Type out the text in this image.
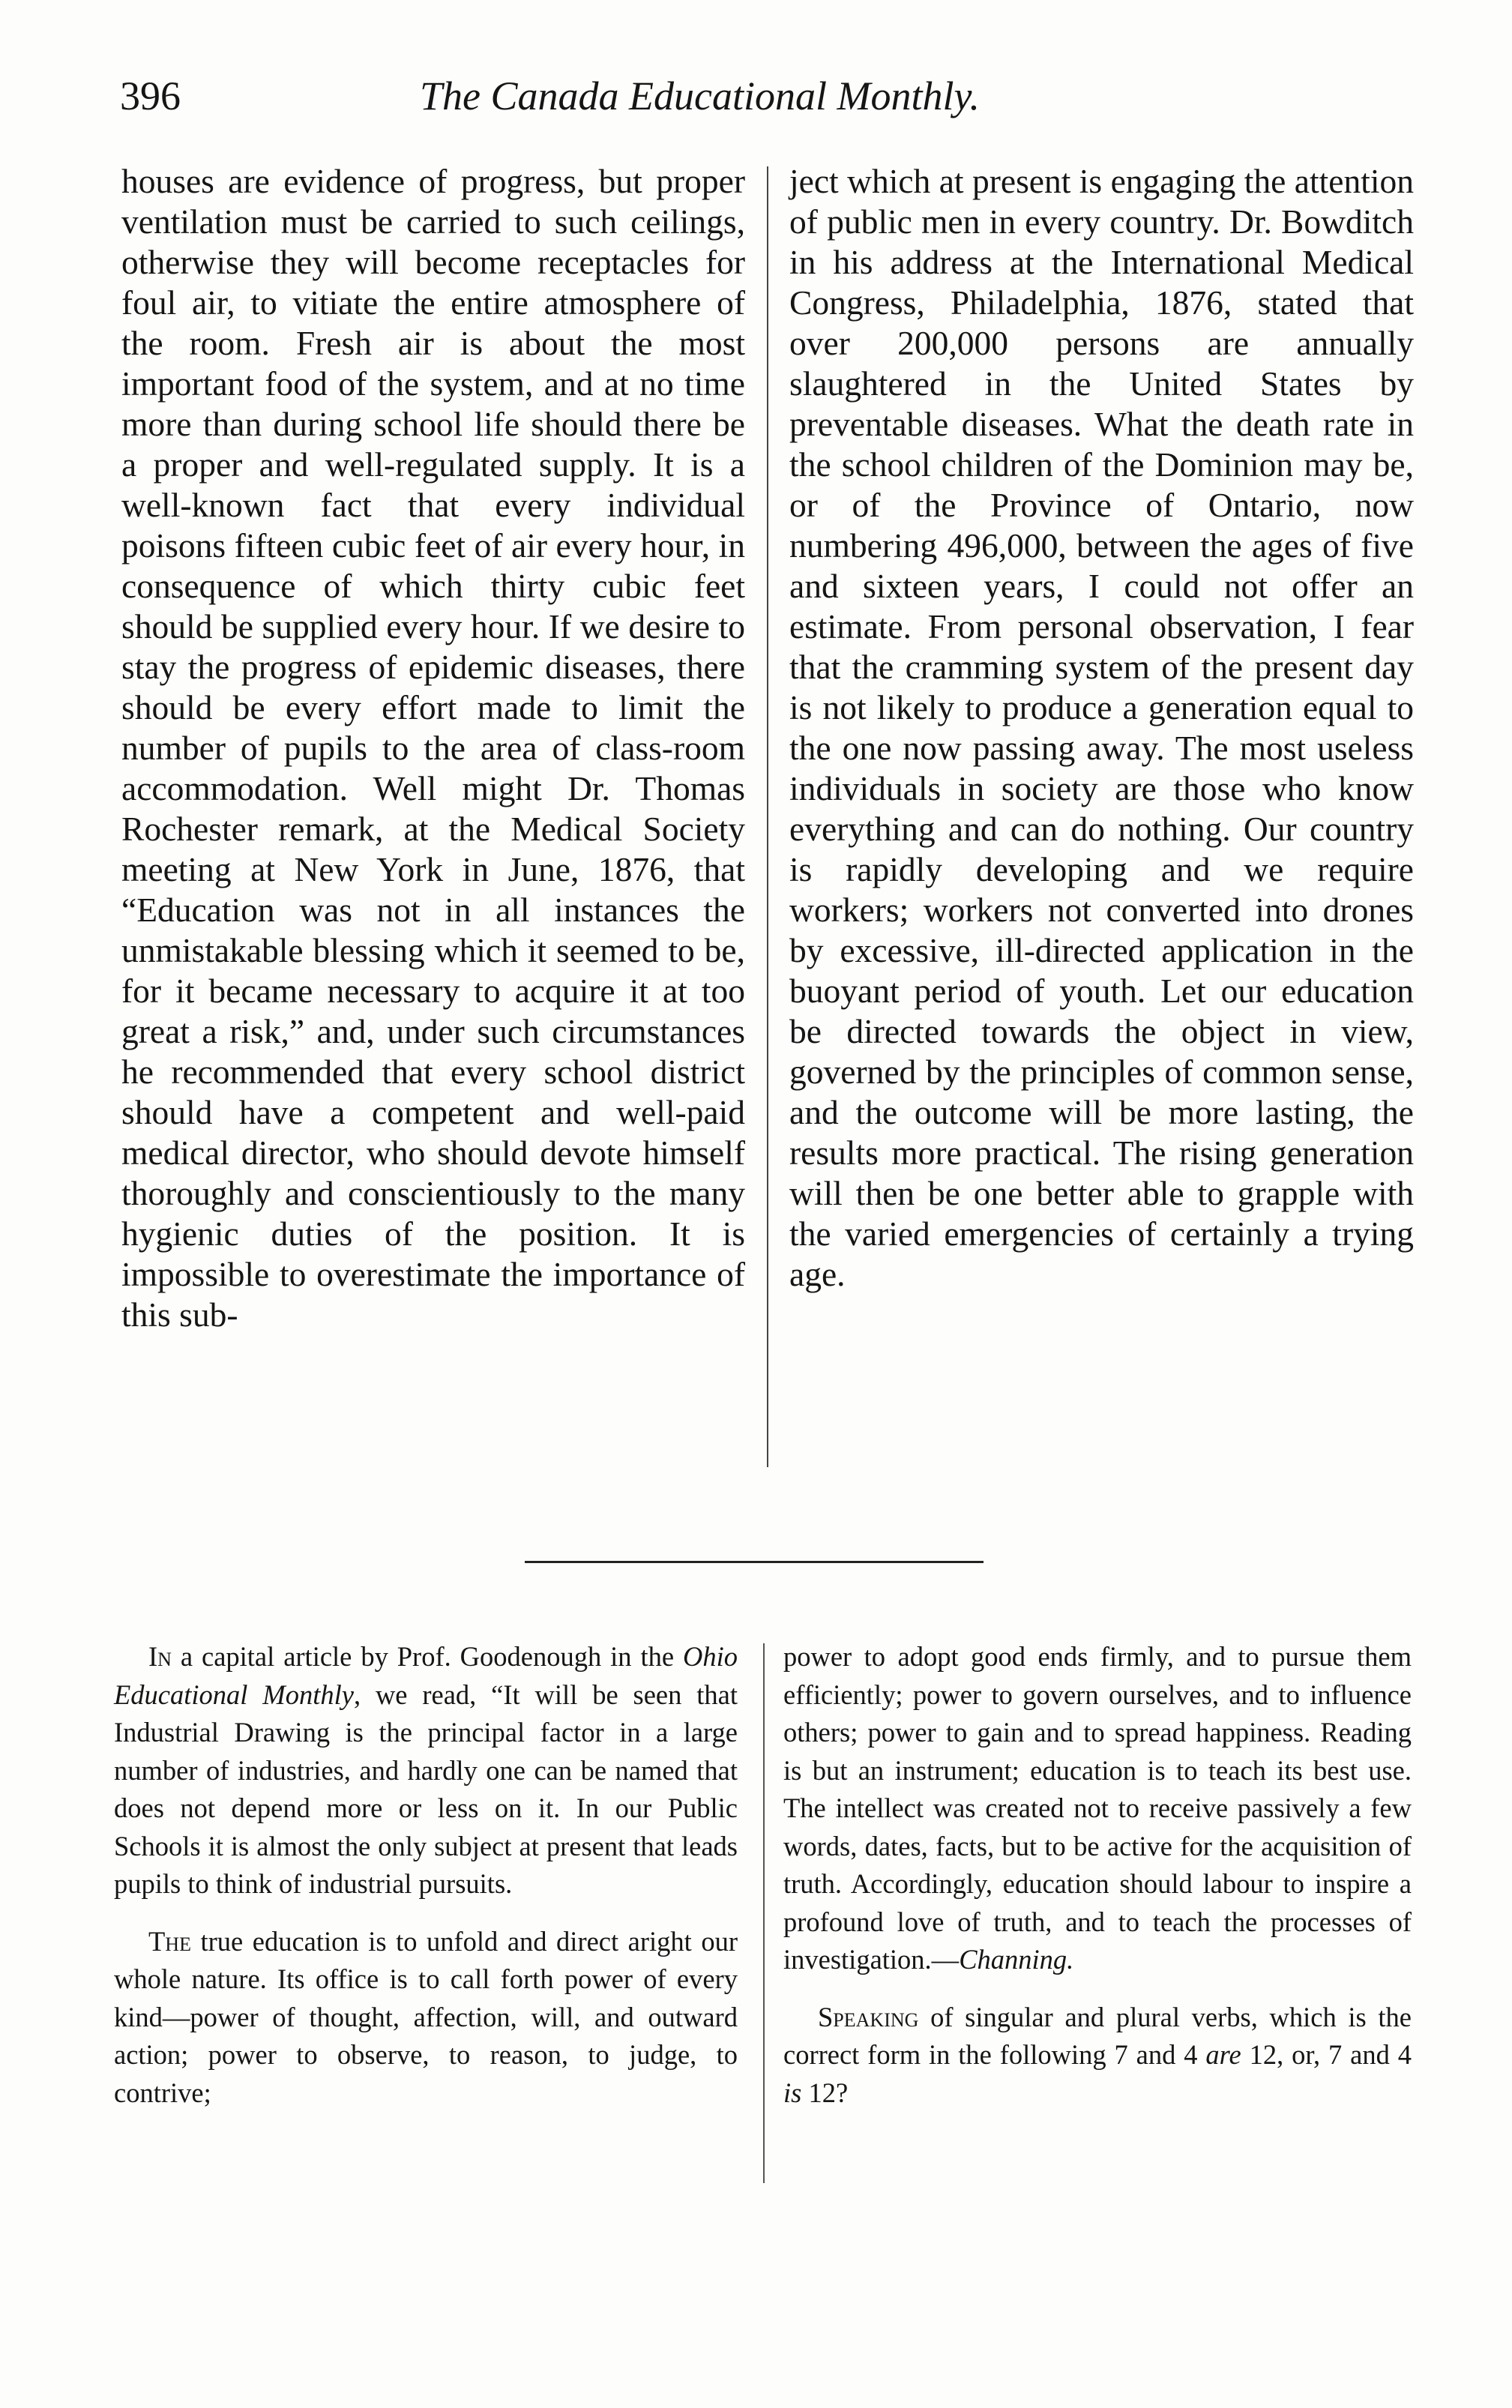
396	The Canada Educational Monthly.

houses are evidence of progress, but proper ventilation must be carried to such ceilings, otherwise they will become receptacles for foul air, to vitiate the entire atmosphere of the room. Fresh air is about the most important food of the system, and at no time more than during school life should there be a proper and well-regulated supply. It is a well-known fact that every individual poisons fifteen cubic feet of air every hour, in consequence of which thirty cubic feet should be supplied every hour. If we desire to stay the progress of epidemic diseases, there should be every effort made to limit the number of pupils to the area of class-room accommodation. Well might Dr. Thomas Rochester remark, at the Medical Society meeting at New York in June, 1876, that “Education was not in all instances the unmistakable blessing which it seemed to be, for it became necessary to acquire it at too great a risk,” and, under such circumstances he recommended that every school district should have a competent and well-paid medical director, who should devote himself thoroughly and conscientiously to the many hygienic duties of the position. It is impossible to overestimate the importance of this sub-

ject which at present is engaging the attention of public men in every country. Dr. Bowditch in his address at the International Medical Congress, Philadelphia, 1876, stated that over 200,000 persons are annually slaughtered in the United States by preventable diseases. What the death rate in the school children of the Dominion may be, or of the Province of Ontario, now numbering 496,000, between the ages of five and sixteen years, I could not offer an estimate. From personal observation, I fear that the cramming system of the present day is not likely to produce a generation equal to the one now passing away. The most useless individuals in society are those who know everything and can do nothing. Our country is rapidly developing and we require workers; workers not converted into drones by excessive, ill-directed application in the buoyant period of youth. Let our education be directed towards the object in view, governed by the principles of common sense, and the outcome will be more lasting, the results more practical. The rising generation will then be one better able to grapple with the varied emergencies of certainly a trying age.

In a capital article by Prof. Goodenough in the Ohio Educational Monthly, we read, “It will be seen that Industrial Drawing is the principal factor in a large number of industries, and hardly one can be named that does not depend more or less on it. In our Public Schools it is almost the only subject at present that leads pupils to think of industrial pursuits.

The true education is to unfold and direct aright our whole nature. Its office is to call forth power of every kind—power of thought, affection, will, and outward action; power to observe, to reason, to judge, to contrive;

power to adopt good ends firmly, and to pursue them efficiently; power to govern ourselves, and to influence others; power to gain and to spread happiness. Reading is but an instrument; education is to teach its best use. The intellect was created not to receive passively a few words, dates, facts, but to be active for the acquisition of truth. Accordingly, education should labour to inspire a profound love of truth, and to teach the processes of investigation.—Channing.

Speaking of singular and plural verbs, which is the correct form in the following 7 and 4 are 12, or, 7 and 4 is 12?
